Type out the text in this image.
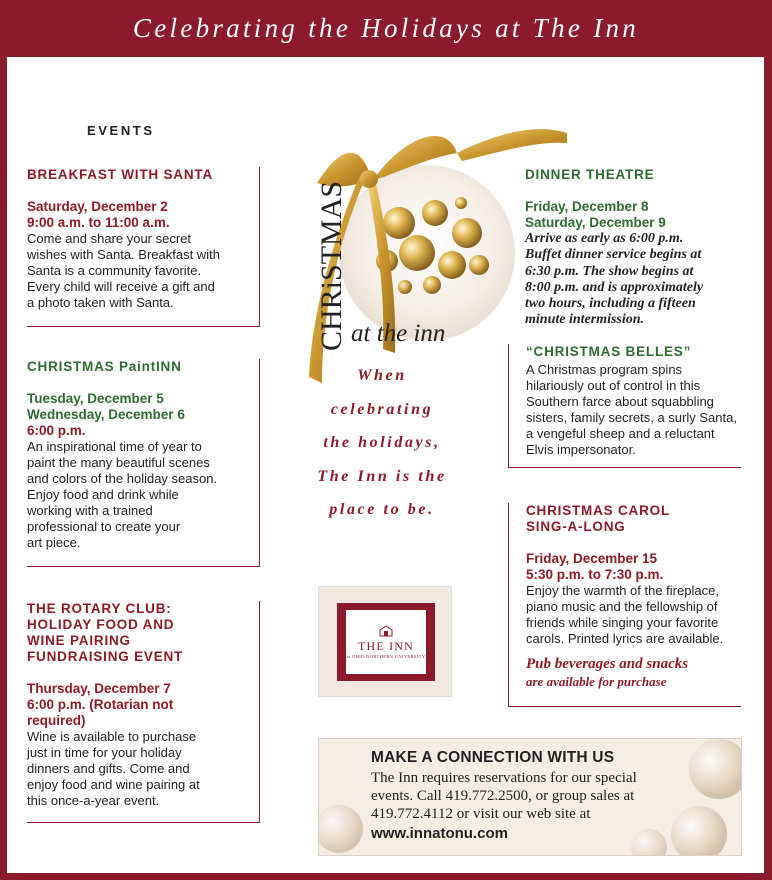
Celebrating the Holidays at The Inn
EVENTS
CHRiSTMAS at the inn
BREAKFAST WITH SANTA
Saturday, December 2
9:00 a.m. to 11:00 a.m.
Come and share your secret
wishes with Santa. Breakfast with
Santa is a community favorite.
Every child will receive a gift and
a photo taken with Santa.
CHRISTMAS PaintINN
Tuesday, December 5
Wednesday, December 6
6:00 p.m.
An inspirational time of year to
paint the many beautiful scenes
and colors of the holiday season.
Enjoy food and drink while
working with a trained
professional to create your
art piece.
THE ROTARY CLUB:
HOLIDAY FOOD AND
WINE PAIRING
FUNDRAISING EVENT
Thursday, December 7
6:00 p.m. (Rotarian not
required)
Wine is available to purchase
just in time for your holiday
dinners and gifts. Come and
enjoy food and wine pairing at
this once-a-year event.
When
celebrating
the holidays,
The Inn is the
place to be.
THE INN
at OHIO NORTHERN UNIVERSITY
DINNER THEATRE
Friday, December 8
Saturday, December 9
Arrive as early as 6:00 p.m.
Buffet dinner service begins at
6:30 p.m. The show begins at
8:00 p.m. and is approximately
two hours, including a fifteen
minute intermission.
“CHRISTMAS BELLES”
A Christmas program spins
hilariously out of control in this
Southern farce about squabbling
sisters, family secrets, a surly Santa,
a vengeful sheep and a reluctant
Elvis impersonator.
CHRISTMAS CAROL
SING-A-LONG
Friday, December 15
5:30 p.m. to 7:30 p.m.
Enjoy the warmth of the fireplace,
piano music and the fellowship of
friends while singing your favorite
carols. Printed lyrics are available.
Pub beverages and snacks
are available for purchase
MAKE A CONNECTION WITH US
The Inn requires reservations for our special
events. Call 419.772.2500, or group sales at
419.772.4112 or visit our web site at
www.innatonu.com
